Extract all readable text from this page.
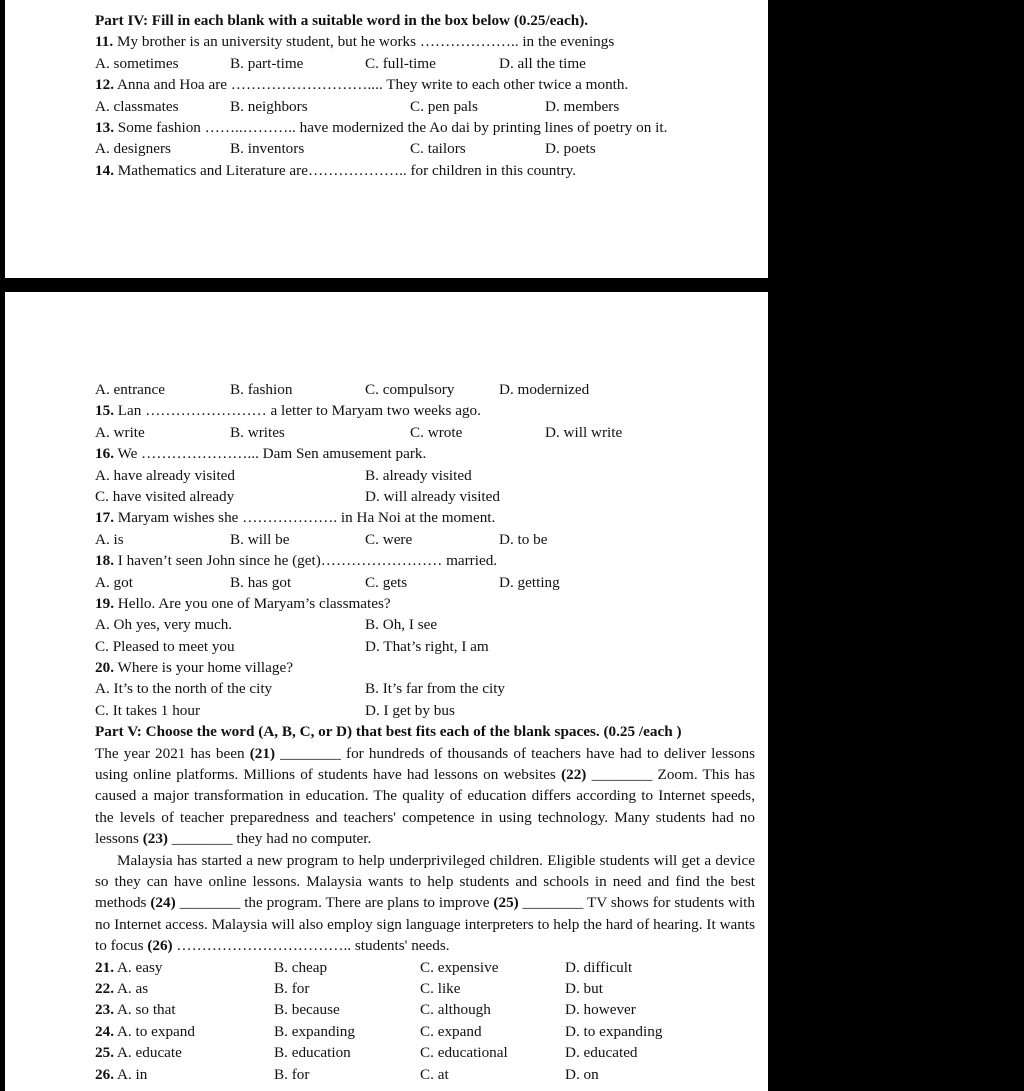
Part IV: Fill in each blank with a suitable word in the box below (0.25/each).
11. My brother is an university student, but he works ……………….. in the evenings
A. sometimes	B. part-time	C. full-time	D. all the time
12. Anna and Hoa are ……………………….... They write to each other twice a month.
A. classmates	B. neighbors	C. pen pals	D. members
13. Some fashion ……..……….. have modernized the Ao dai by printing lines of poetry on it.
A. designers	B. inventors	C. tailors	D. poets
14. Mathematics and Literature are……………….. for children in this country.
A. entrance	B. fashion	C. compulsory	D. modernized
15. Lan …………………… a letter to Maryam two weeks ago.
A. write	B. writes	C. wrote	D. will write
16. We …………………... Dam Sen amusement park.
A. have already visited	B. already visited
C. have visited already	D. will already visited
17. Maryam wishes she ………………. in Ha Noi at the moment.
A. is	B. will be	C. were	D. to be
18. I haven’t seen John since he (get)…………………… married.
A. got	B. has got	C. gets	D. getting
19. Hello. Are you one of Maryam’s classmates?
A. Oh yes, very much.	B. Oh, I see
C. Pleased to meet you	D. That’s right, I am
20. Where is your home village?
A. It’s to the north of the city	B. It’s far from the city
C. It takes 1 hour	D. I get by bus
Part V: Choose the word (A, B, C, or D) that best fits each of the blank spaces. (0.25 /each )

The year 2021 has been (21) ________ for hundreds of thousands of teachers have had to deliver lessons using online platforms. Millions of students have had lessons on websites (22) ________ Zoom. This has caused a major transformation in education. The quality of education differs according to Internet speeds, the levels of teacher preparedness and teachers' competence in using technology. Many students had no lessons (23) ________ they had no computer.

Malaysia has started a new program to help underprivileged children. Eligible students will get a device so they can have online lessons. Malaysia wants to help students and schools in need and find the best methods (24) ________ the program. There are plans to improve (25) ________ TV shows for students with no Internet access. Malaysia will also employ sign language interpreters to help the hard of hearing. It wants to focus (26) …………………………….. students' needs.

21. A. easy	B. cheap	C. expensive	D. difficult
22. A. as	B. for	C. like	D. but
23. A. so that	B. because	C. although	D. however
24. A. to expand	B. expanding	C. expand	D. to expanding
25. A. educate	B. education	C. educational	D. educated
26. A. in	B. for	C. at	D. on
